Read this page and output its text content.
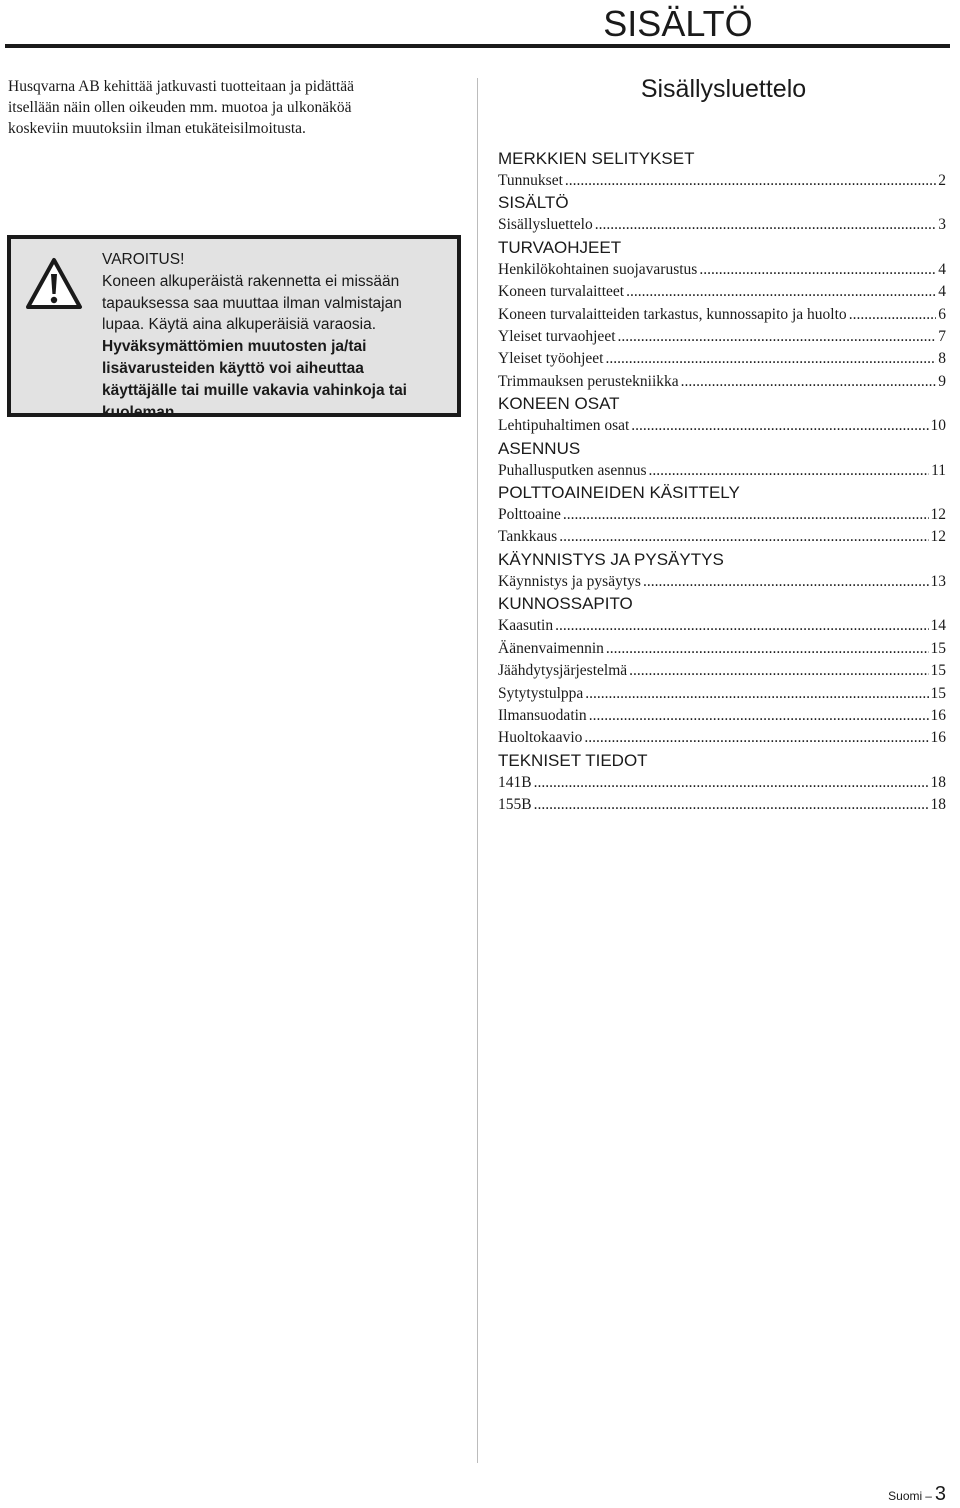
SISÄLTÖ
Husqvarna AB kehittää jatkuvasti tuotteitaan ja pidättää
itsellään näin ollen oikeuden mm. muotoa ja ulkonäköä
koskeviin muutoksiin ilman etukäteisilmoitusta.
VAROITUS!
Koneen alkuperäistä rakennetta ei missään
tapauksessa saa muuttaa ilman valmistajan
lupaa. Käytä aina alkuperäisiä varaosia.
Hyväksymättömien muutosten ja/tai
lisävarusteiden käyttö voi aiheuttaa
käyttäjälle tai muille vakavia vahinkoja tai
kuoleman.
Sisällysluettelo
MERKKIEN SELITYKSET
Tunnukset .....	2
SISÄLTÖ
Sisällysluettelo .....	3
TURVAOHJEET
Henkilökohtainen suojavarustus .....	4
Koneen turvalaitteet .....	4
Koneen turvalaitteiden tarkastus, kunnossapito ja huolto .....	6
Yleiset turvaohjeet .....	7
Yleiset työohjeet .....	8
Trimmauksen perustekniikka .....	9
KONEEN OSAT
Lehtipuhaltimen osat .....	10
ASENNUS
Puhallusputken asennus .....	11
POLTTOAINEIDEN KÄSITTELY
Polttoaine .....	12
Tankkaus .....	12
KÄYNNISTYS JA PYSÄYTYS
Käynnistys ja pysäytys .....	13
KUNNOSSAPITO
Kaasutin .....	14
Äänenvaimennin .....	15
Jäähdytysjärjestelmä .....	15
Sytytystulppa .....	15
Ilmansuodatin .....	16
Huoltokaavio .....	16
TEKNISET TIEDOT
141B .....	18
155B .....	18
Suomi – 3
